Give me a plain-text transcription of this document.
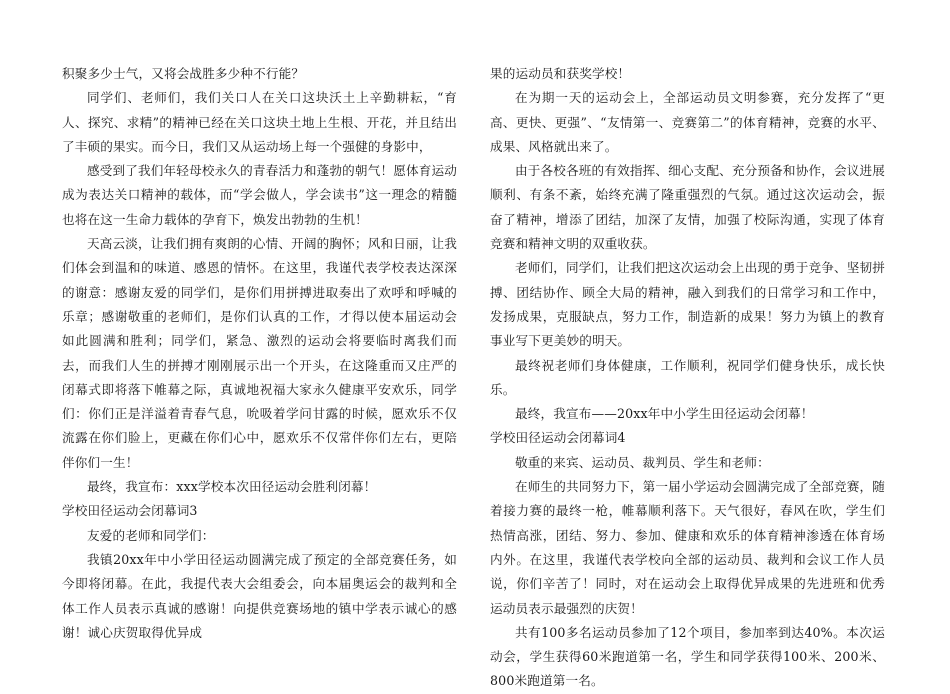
积聚多少士气，又将会战胜多少种不行能？

同学们、老师们，我们关口人在关口这块沃土上辛勤耕耘，“育人、探究、求精”的精神已经在关口这块土地上生根、开花，并且结出了丰硕的果实。而今日，我们又从运动场上每一个强健的身影中，

感受到了我们年轻母校永久的青春活力和蓬勃的朝气！愿体育运动成为表达关口精神的载体，而“学会做人，学会读书”这一理念的精髓也将在这一生命力载体的孕育下，焕发出勃勃的生机！

天高云淡，让我们拥有爽朗的心情、开阔的胸怀；风和日丽，让我们体会到温和的味道、感恩的情怀。在这里，我谨代表学校表达深深的谢意：感谢友爱的同学们，是你们用拼搏进取奏出了欢呼和呼喊的乐章；感谢敬重的老师们，是你们认真的工作，才得以使本届运动会如此圆满和胜利；同学们，紧急、激烈的运动会将要临时离我们而去，而我们人生的拼搏才刚刚展示出一个开头，在这隆重而又庄严的闭幕式即将落下帷幕之际，真诚地祝福大家永久健康平安欢乐，同学们：你们正是洋溢着青春气息，吮吸着学问甘露的时候，愿欢乐不仅流露在你们脸上，更藏在你们心中，愿欢乐不仅常伴你们左右，更陪伴你们一生！

最终，我宣布：xxx学校本次田径运动会胜利闭幕！

学校田径运动会闭幕词3

友爱的老师和同学们：

我镇20xx年中小学田径运动圆满完成了预定的全部竞赛任务，如今即将闭幕。在此，我提代表大会组委会，向本届奥运会的裁判和全体工作人员表示真诚的感谢！向提供竞赛场地的镇中学表示诚心的感谢！诚心庆贺取得优异成

果的运动员和获奖学校！

在为期一天的运动会上，全部运动员文明参赛，充分发挥了“更高、更快、更强”、“友情第一、竞赛第二”的体育精神，竞赛的水平、成果、风格就出来了。

由于各校各班的有效指挥、细心支配、充分预备和协作，会议进展顺利、有条不紊，始终充满了隆重强烈的气氛。通过这次运动会，振奋了精神，增添了团结，加深了友情，加强了校际沟通，实现了体育竞赛和精神文明的双重收获。

老师们，同学们，让我们把这次运动会上出现的勇于竞争、坚韧拼搏、团结协作、顾全大局的精神，融入到我们的日常学习和工作中，发扬成果，克服缺点，努力工作，制造新的成果！努力为镇上的教育事业写下更美妙的明天。

最终祝老师们身体健康，工作顺利，祝同学们健身快乐，成长快乐。

最终，我宣布——20xx年中小学生田径运动会闭幕！

学校田径运动会闭幕词4

敬重的来宾、运动员、裁判员、学生和老师：

在师生的共同努力下，第一届小学运动会圆满完成了全部竞赛，随着接力赛的最终一枪，帷幕顺利落下。天气很好，春风在吹，学生们热情高涨，团结、努力、参加、健康和欢乐的体育精神渗透在体育场内外。在这里，我谨代表学校向全部的运动员、裁判和会议工作人员说，你们辛苦了！同时，对在运动会上取得优异成果的先进班和优秀运动员表示最强烈的庆贺！

共有100多名运动员参加了12个项目，参加率到达40%。本次运动会，学生获得60米跑道第一名，学生和同学获得100米、200米、800米跑道第一名。
